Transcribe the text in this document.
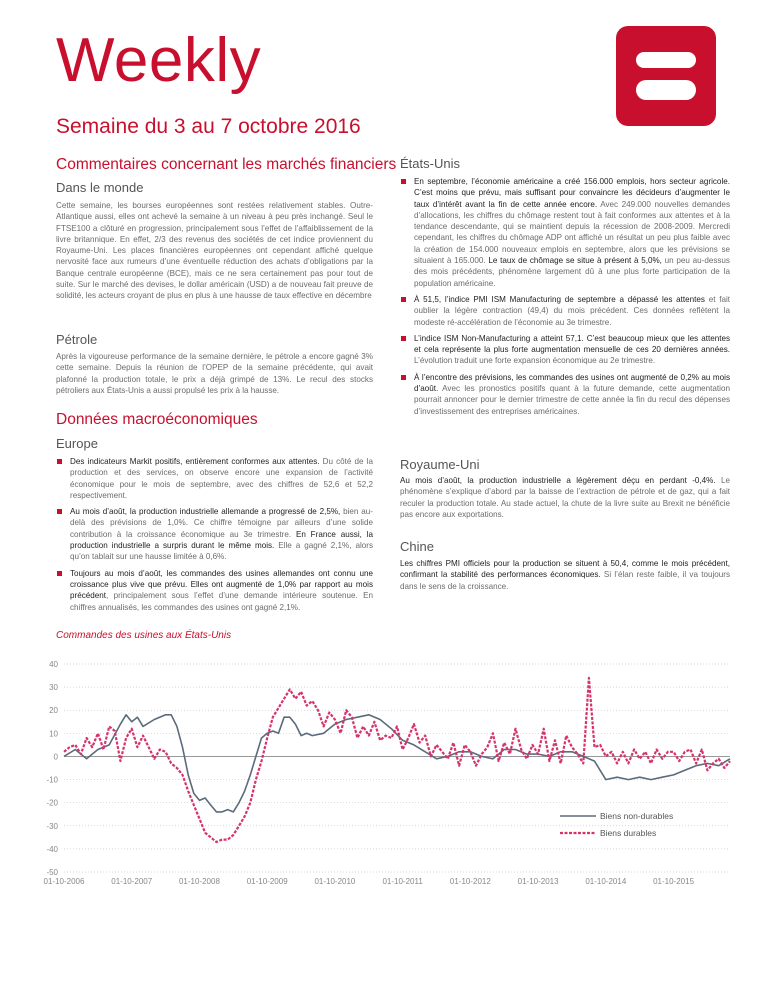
Weekly
Semaine du 3 au 7 octobre 2016
Commentaires concernant les marchés financiers
Dans le monde

Cette semaine, les bourses européennes sont restées relativement stables. Outre-Atlantique aussi, elles ont achevé la semaine à un niveau à peu près inchangé. Seul le FTSE100 a clôturé en progression, principalement sous l’effet de l’affaiblissement de la livre britannique. En effet, 2/3 des revenus des sociétés de cet indice proviennent du Royaume-Uni. Les places financières européennes ont cependant affiché quelque nervosité face aux rumeurs d’une éventuelle réduction des achats d’obligations par la Banque centrale européenne (BCE), mais ce ne sera certainement pas pour tout de suite. Sur le marché des devises, le dollar américain (USD) a de nouveau fait preuve de solidité, les acteurs croyant de plus en plus à une hausse de taux effective en décembre

Pétrole

Après la vigoureuse performance de la semaine dernière, le pétrole a encore gagné 3% cette semaine. Depuis la réunion de l’OPEP de la semaine précédente, qui avait plafonné la production totale, le prix a déjà grimpé de 13%. Le recul des stocks pétroliers aux États-Unis a aussi propulsé les prix à la hausse.

Données macroéconomiques
Europe
Des indicateurs Markit positifs, entièrement conformes aux attentes. Du côté de la production et des services, on observe encore une expansion de l’activité économique pour le mois de septembre, avec des chiffres de 52,6 et 52,2 respectivement.
Au mois d’août, la production industrielle allemande a progressé de 2,5%, bien au-delà des prévisions de 1,0%. Ce chiffre témoigne par ailleurs d’une solide contribution à la croissance économique au 3e trimestre. En France aussi, la production industrielle a surpris durant le même mois. Elle a gagné 2,1%, alors qu’on tablait sur une hausse limitée à 0,6%.
Toujours au mois d’août, les commandes des usines allemandes ont connu une croissance plus vive que prévu. Elles ont augmenté de 1,0% par rapport au mois précédent, principalement sous l’effet d’une demande intérieure soutenue. En chiffres annualisés, les commandes des usines ont gagné 2,1%.
États-Unis
En septembre, l’économie américaine a créé 156.000 emplois, hors secteur agricole. C’est moins que prévu, mais suffisant pour convaincre les décideurs d’augmenter le taux d’intérêt avant la fin de cette année encore. Avec 249.000 nouvelles demandes d’allocations, les chiffres du chômage restent tout à fait conformes aux attentes et à la tendance descendante, qui se maintient depuis la récession de 2008-2009. Mercredi cependant, les chiffres du chômage ADP ont affiché un résultat un peu plus faible avec la création de 154.000 nouveaux emplois en septembre, alors que les prévisions se situaient à 165.000. Le taux de chômage se situe à présent à 5,0%, un peu au-dessus des mois précédents, phénomène largement dû à une plus forte participation de la population américaine.
À 51,5, l’indice PMI ISM Manufacturing de septembre a dépassé les attentes et fait oublier la légère contraction (49,4) du mois précédent. Ces données reflètent la modeste ré-accélération de l’économie au 3e trimestre.
L’indice ISM Non-Manufacturing a atteint 57,1. C’est beaucoup mieux que les attentes et cela représente la plus forte augmentation mensuelle de ces 20 dernières années. L’évolution traduit une forte expansion économique au 2e trimestre.
À l’encontre des prévisions, les commandes des usines ont augmenté de 0,2% au mois d’août. Avec les pronostics positifs quant à la future demande, cette augmentation pourrait annoncer pour le dernier trimestre de cette année la fin du recul des dépenses d’investissement des entreprises américaines.
Royaume-Uni

Au mois d’août, la production industrielle a légèrement déçu en perdant -0,4%. Le phénomène s’explique d’abord par la baisse de l’extraction de pétrole et de gaz, qui a fait reculer la production totale. Au stade actuel, la chute de la livre suite au Brexit ne bénéficie pas encore aux exportations.

Chine

Les chiffres PMI officiels pour la production se situent à 50,4, comme le mois précédent, confirmant la stabilité des performances économiques. Si l’élan reste faible, il va toujours dans le sens de la croissance.

Commandes des usines aux États-Unis
40
30
20
10
0
-10
-20
-30
-40
-50
01-10-2006	01-10-2007	01-10-2008	01-10-2009	01-10-2010	01-10-2011	01-10-2012	01-10-2013	01-10-2014	01-10-2015
Biens non-durables
Biens durables
